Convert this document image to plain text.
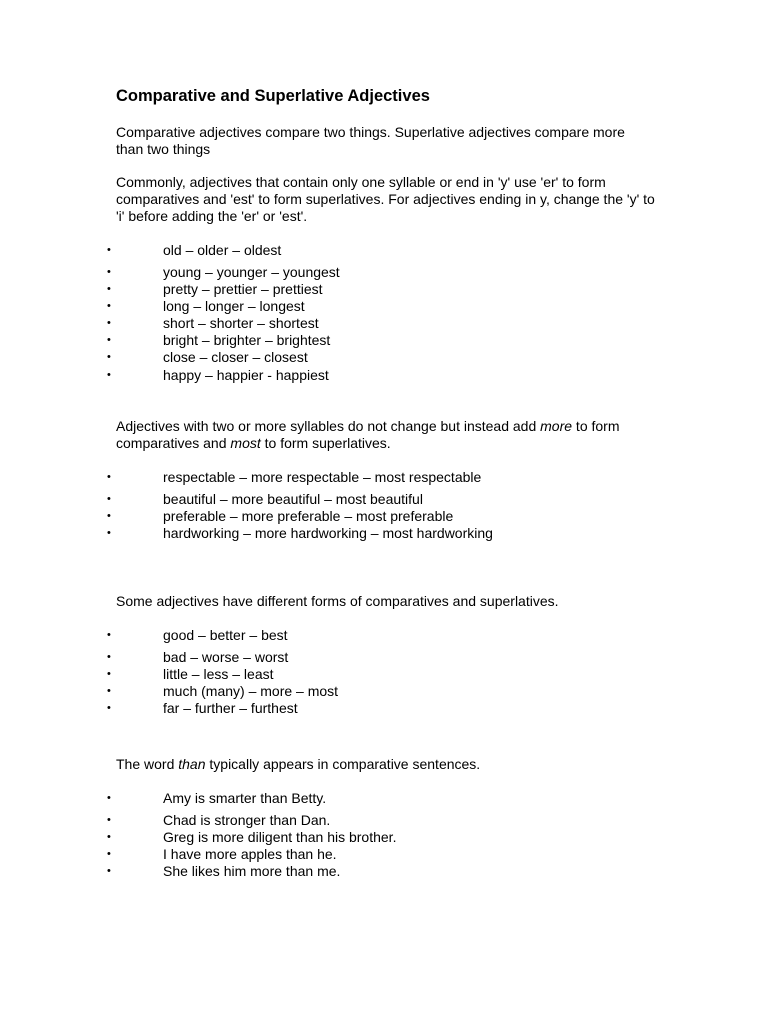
Comparative and Superlative Adjectives

Comparative adjectives compare two things. Superlative adjectives compare more than two things

Commonly, adjectives that contain only one syllable or end in 'y' use 'er' to form comparatives and 'est' to form superlatives. For adjectives ending in y, change the 'y' to 'i' before adding the 'er' or 'est'.

•	old – older – oldest
•	young – younger – youngest
•	pretty – prettier – prettiest
•	long – longer – longest
•	short – shorter – shortest
•	bright – brighter – brightest
•	close – closer – closest
•	happy – happier - happiest

Adjectives with two or more syllables do not change but instead add more to form comparatives and most to form superlatives.

•	respectable – more respectable – most respectable
•	beautiful – more beautiful – most beautiful
•	preferable – more preferable – most preferable
•	hardworking – more hardworking – most hardworking

Some adjectives have different forms of comparatives and superlatives.

•	good – better – best
•	bad – worse – worst
•	little – less – least
•	much (many) – more – most
•	far – further – furthest

The word than typically appears in comparative sentences.

•	Amy is smarter than Betty.
•	Chad is stronger than Dan.
•	Greg is more diligent than his brother.
•	I have more apples than he.
•	She likes him more than me.
